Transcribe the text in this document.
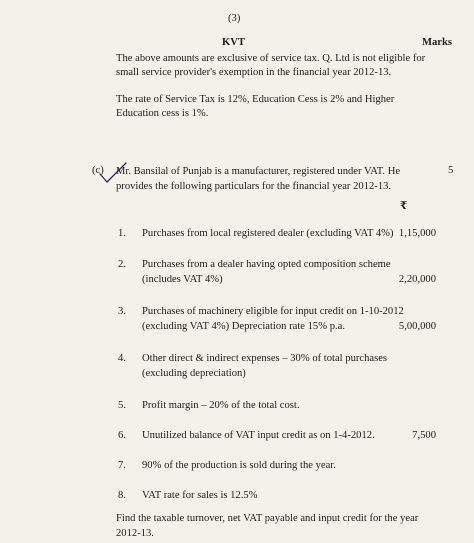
(3)
KVT	Marks
The above amounts are exclusive of service tax. Q. Ltd is not eligible for small service provider's exemption in the financial year 2012-13.
The rate of Service Tax is 12%, Education Cess is 2% and Higher Education cess is 1%.
(c) Mr. Bansilal of Punjab is a manufacturer, registered under VAT. He provides the following particulars for the financial year 2012-13.
5
₹
1. Purchases from local registered dealer (excluding VAT 4%) 1,15,000
2. Purchases from a dealer having opted composition scheme
(includes VAT 4%)	2,20,000
3. Purchases of machinery eligible for input credit on 1-10-2012
(excluding VAT 4%) Depreciation rate 15% p.a.	5,00,000
4. Other direct & indirect expenses – 30% of total purchases
(excluding depreciation)
5. Profit margin – 20% of the total cost.
6. Unutilized balance of VAT input credit as on 1-4-2012.	7,500
7. 90% of the production is sold during the year.
8. VAT rate for sales is 12.5%
Find the taxable turnover, net VAT payable and input credit for the year 2012-13.
